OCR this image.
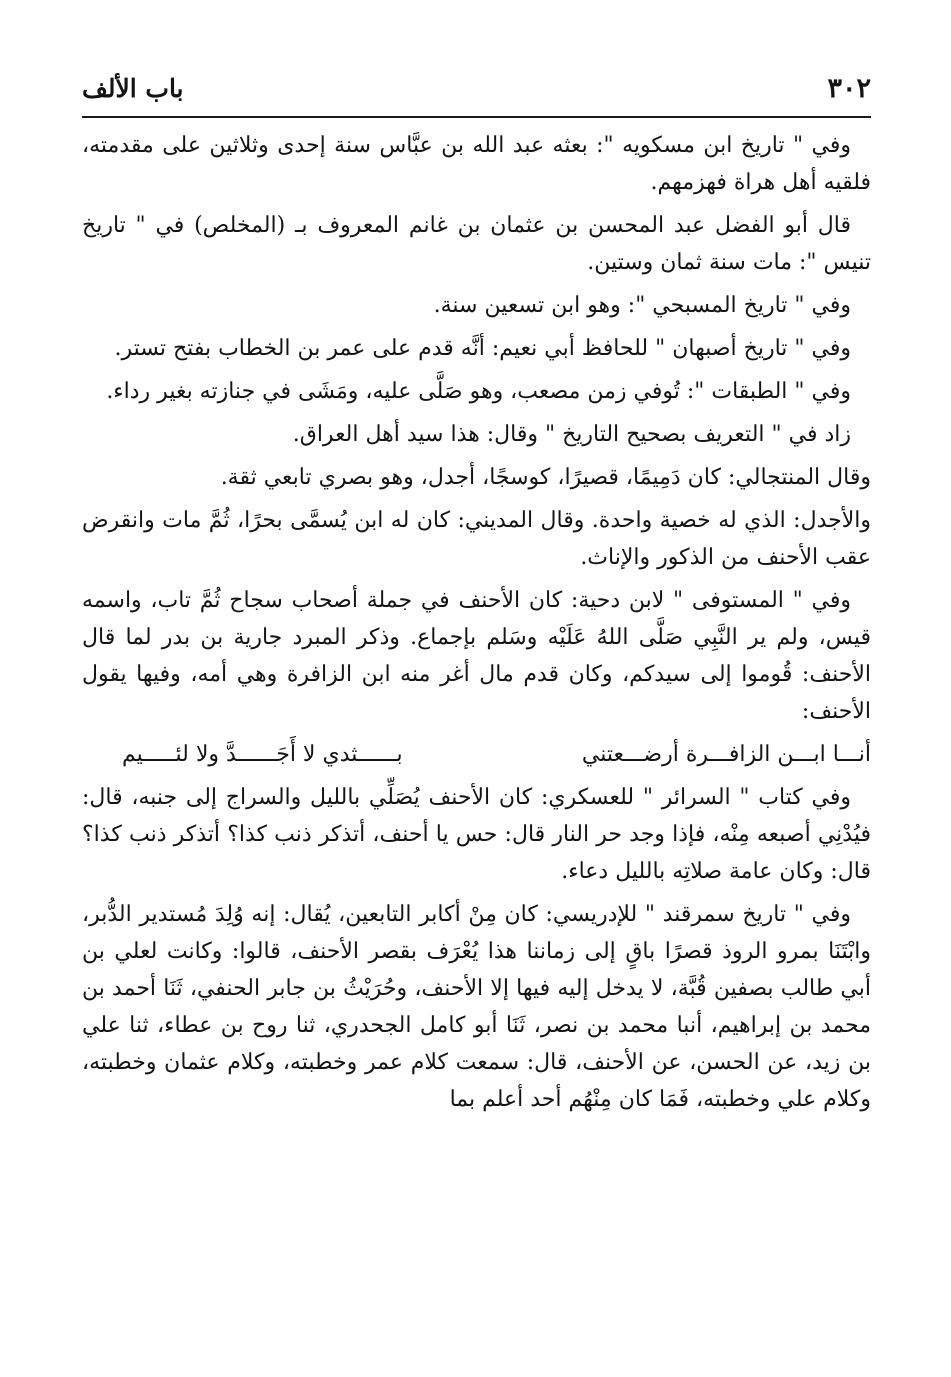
٣٠٢
باب الألف

وفي " تاريخ ابن مسكويه ": بعثه عبد الله بن عبَّاس سنة إحدى وثلاثين على مقدمته، فلقيه أهل هراة فهزمهم.

قال أبو الفضل عبد المحسن بن عثمان بن غانم المعروف بـ (المخلص) في " تاريخ تنيس ": مات سنة ثمان وستين.

وفي " تاريخ المسبحي ": وهو ابن تسعين سنة.

وفي " تاريخ أصبهان " للحافظ أبي نعيم: أنَّه قدم على عمر بن الخطاب بفتح تستر.

وفي " الطبقات ": تُوفي زمن مصعب، وهو صَلَّى عليه، ومَشَى في جنازته بغير رداء.

زاد في " التعريف بصحيح التاريخ " وقال: هذا سيد أهل العراق.

وقال المنتجالي: كان دَمِيمًا، قصيرًا، كوسجًا، أجدل، وهو بصري تابعي ثقة.

والأجدل: الذي له خصية واحدة. وقال المديني: كان له ابن يُسمَّى بحرًا، ثُمَّ مات وانقرض عقب الأحنف من الذكور والإناث.

وفي " المستوفى " لابن دحية: كان الأحنف في جملة أصحاب سجاح ثُمَّ تاب، واسمه قيس، ولم ير النَّبِي صَلَّى اللهُ عَلَيْه وسَلم بإجماع. وذكر المبرد جارية بن بدر لما قال الأحنف: قُوموا إلى سيدكم، وكان قدم مال أغر منه ابن الزافرة وهي أمه، وفيها يقول الأحنف:

أنـــا ابـــن الزافـــرة أرضـــعتني
بــــــثدي لا أَجَــــــدَّ ولا لئـــــيم

وفي كتاب " السرائر " للعسكري: كان الأحنف يُصَلِّي بالليل والسراج إلى جنبه، قال: فيُدْنِي أصبعه مِنْه، فإذا وجد حر النار قال: حس يا أحنف، أتذكر ذنب كذا؟ أتذكر ذنب كذا؟ قال: وكان عامة صلاتِه بالليل دعاء.

وفي " تاريخ سمرقند " للإدريسي: كان مِنْ أكابر التابعين، يُقال: إنه وُلِدَ مُستدير الدُّبر، وابْتَنَا بمرو الروذ قصرًا باقٍ إلى زماننا هذا يُعْرَف بقصر الأحنف، قالوا: وكانت لعلي بن أبي طالب بصفين قُبَّة، لا يدخل إليه فيها إلا الأحنف، وحُرَيْثُ بن جابر الحنفي، ثَنَا أحمد بن محمد بن إبراهيم، أنبا محمد بن نصر، ثَنَا أبو كامل الجحدري، ثنا روح بن عطاء، ثنا علي بن زيد، عن الحسن، عن الأحنف، قال: سمعت كلام عمر وخطبته، وكلام عثمان وخطبته، وكلام علي وخطبته، فَمَا كان مِنْهُم أحد أعلم بما
